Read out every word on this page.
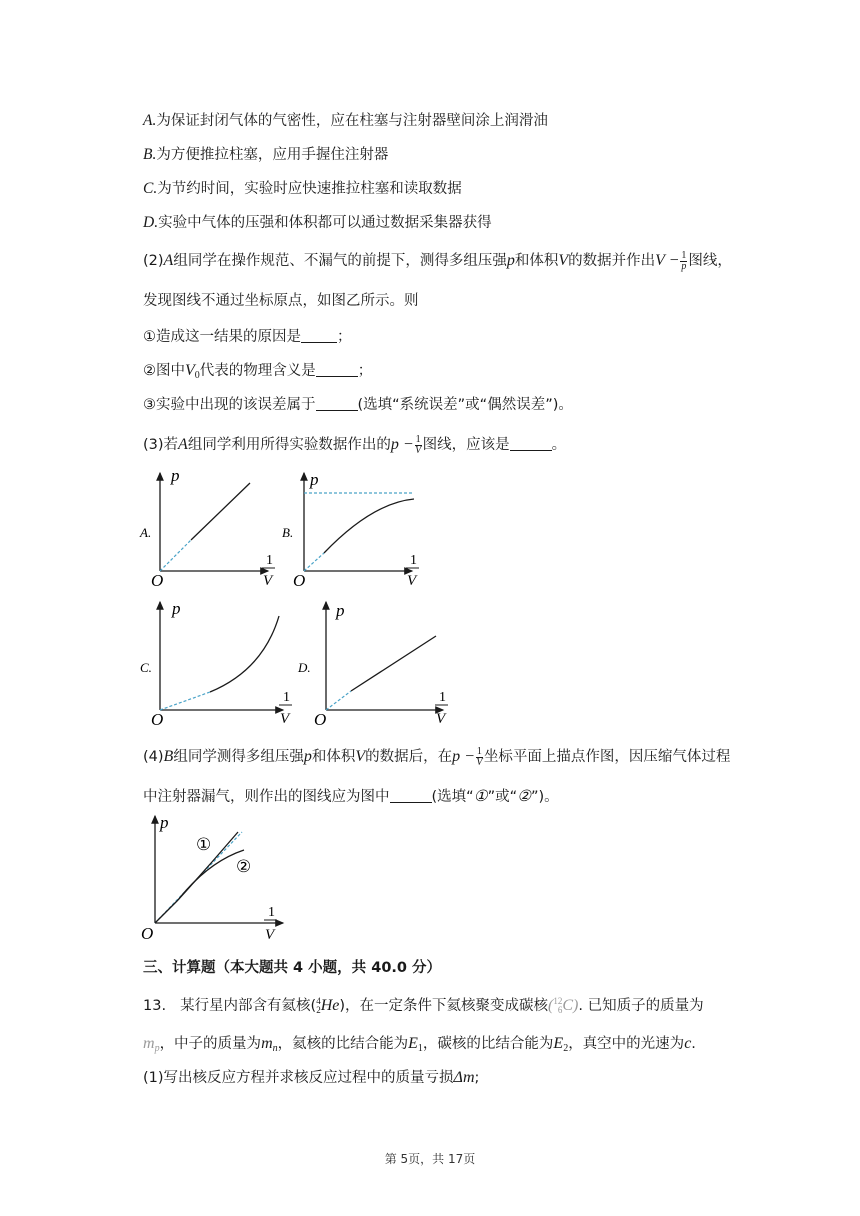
A.为保证封闭气体的气密性，应在柱塞与注射器壁间涂上润滑油
B.为方便推拉柱塞，应用手握住注射器
C.为节约时间，实验时应快速推拉柱塞和读取数据
D.实验中气体的压强和体积都可以通过数据采集器获得
(2)A组同学在操作规范、不漏气的前提下，测得多组压强p和体积V的数据并作出$V - \frac{1}{p}$ 图线，
发现图线不通过坐标原点，如图乙所示。则
①造成这一结果的原因是 ；
②图中$V_0$代表的物理含义是	；
③实验中出现的该误差属于	(选填“系统误差”或“偶然误差”)。
(3)若A组同学利用所得实验数据作出的$p - \frac{1}{V}$ 图线，应该是	。
p
O
1
V
A.
p
O
1
V
B.
p
O
1
V
C.
p
O
1
V
D.
(4)B组同学测得多组压强p和体积V的数据后，在$p - \frac{1}{V}$ 坐标平面上描点作图，因压缩气体过程
中注射器漏气，则作出的图线应为图中	(选填“①”或“②”)。
p
O
①
②
1
V
三、计算题（本大题共 4 小题，共 40.0 分）
13. 某行星内部含有氦核( 4
2 He)，在一定条件下氦核聚变成碳核( 12
6 C). 已知质子的质量为
$m_p$，中子的质量为$m_n$，氦核的比结合能为$E_1$，碳核的比结合能为$E_2$，真空中的光速为c.
(1)写出核反应方程并求核反应过程中的质量亏损Δm;
第 5页，共 17页
